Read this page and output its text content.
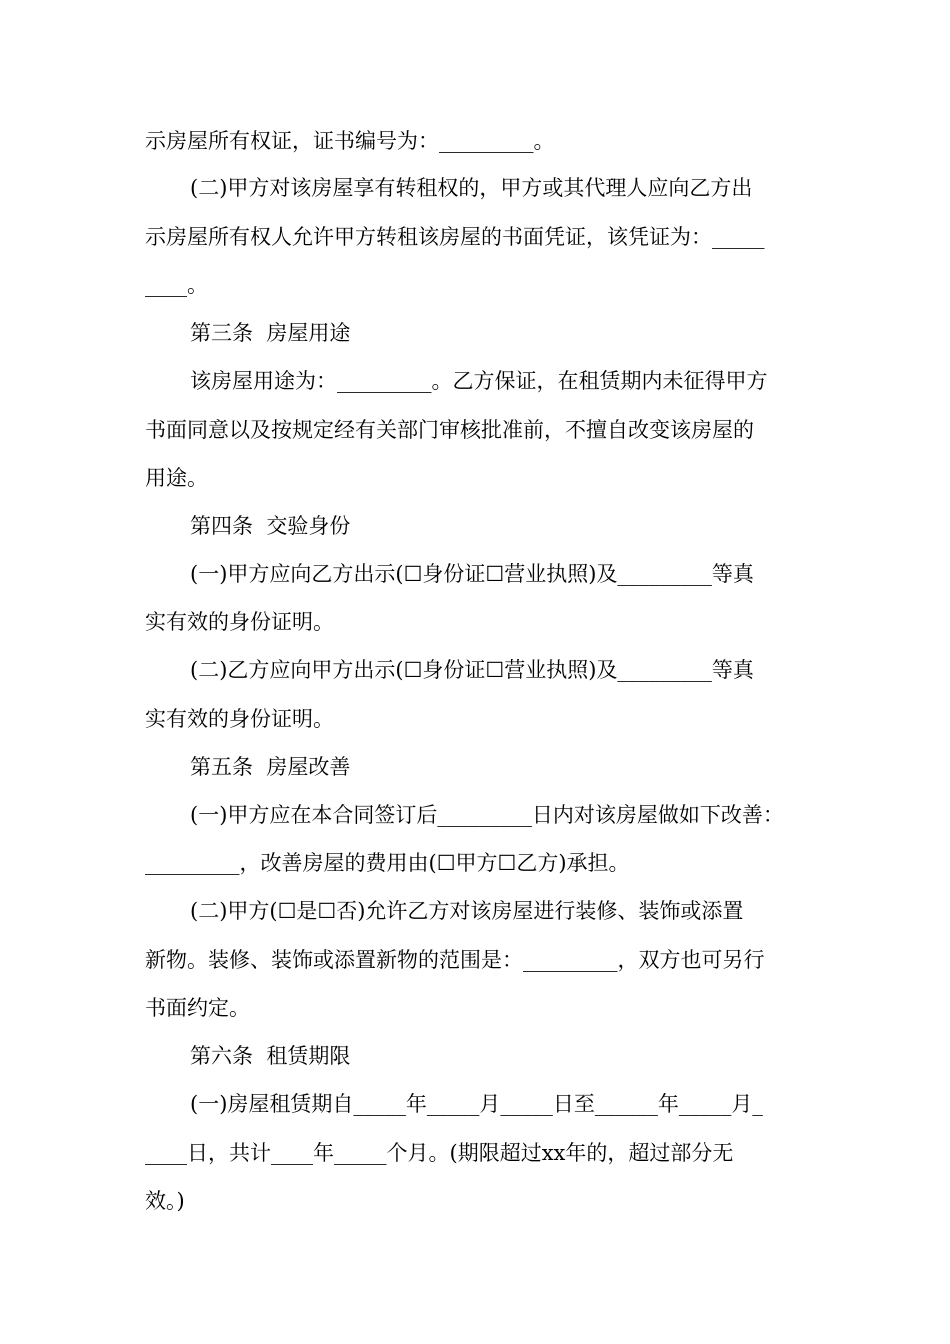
示房屋所有权证，证书编号为：_________。
(二)甲方对该房屋享有转租权的，甲方或其代理人应向乙方出
示房屋所有权人允许甲方转租该房屋的书面凭证，该凭证为：_____
____。
第三条  房屋用途
该房屋用途为：_________。乙方保证，在租赁期内未征得甲方
书面同意以及按规定经有关部门审核批准前，不擅自改变该房屋的
用途。
第四条  交验身份
(一)甲方应向乙方出示(☐身份证☐营业执照)及_________等真
实有效的身份证明。
(二)乙方应向甲方出示(☐身份证☐营业执照)及_________等真
实有效的身份证明。
第五条  房屋改善
(一)甲方应在本合同签订后_________日内对该房屋做如下改善：
_________，改善房屋的费用由(☐甲方☐乙方)承担。
(二)甲方(☐是☐否)允许乙方对该房屋进行装修、装饰或添置
新物。装修、装饰或添置新物的范围是：_________，双方也可另行
书面约定。
第六条  租赁期限
(一)房屋租赁期自_____年_____月_____日至______年_____月_
____日，共计____年_____个月。(期限超过xx年的，超过部分无
效。)
